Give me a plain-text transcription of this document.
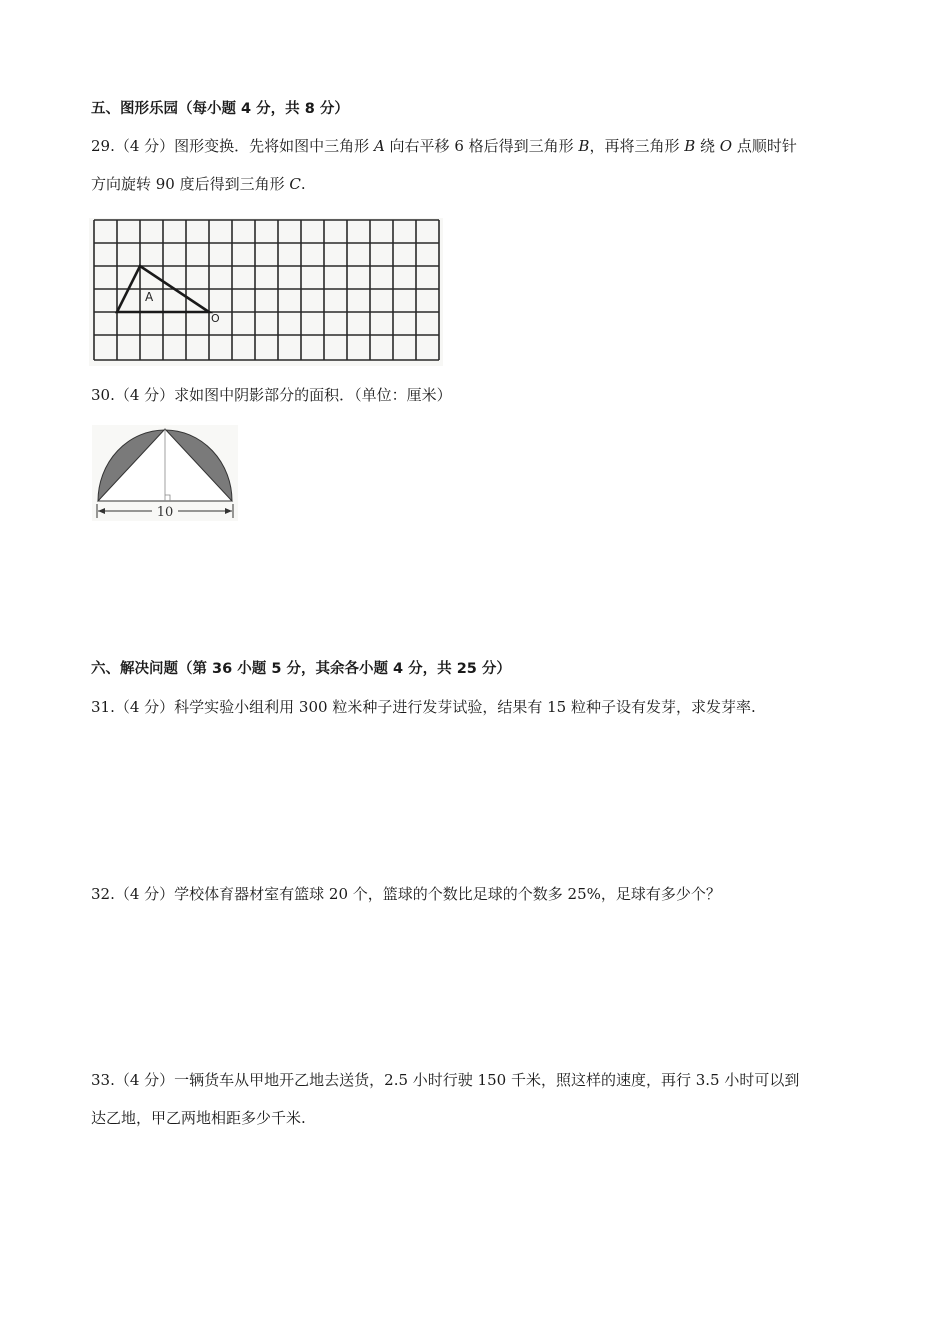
五、图形乐园（每小题 4 分，共 8 分）
29.（4 分）图形变换．先将如图中三角形 A 向右平移 6 格后得到三角形 B，再将三角形 B 绕 O 点顺时针
方向旋转 90 度后得到三角形 C.
A
O
30.（4 分）求如图中阴影部分的面积．（单位：厘米）
10
六、解决问题（第 36 小题 5 分，其余各小题 4 分，共 25 分）
31.（4 分）科学实验小组利用 300 粒米种子进行发芽试验，结果有 15 粒种子设有发芽，求发芽率.
32.（4 分）学校体育器材室有篮球 20 个，篮球的个数比足球的个数多 25%，足球有多少个？
33.（4 分）一辆货车从甲地开乙地去送货，2.5 小时行驶 150 千米，照这样的速度，再行 3.5 小时可以到
达乙地，甲乙两地相距多少千米.
